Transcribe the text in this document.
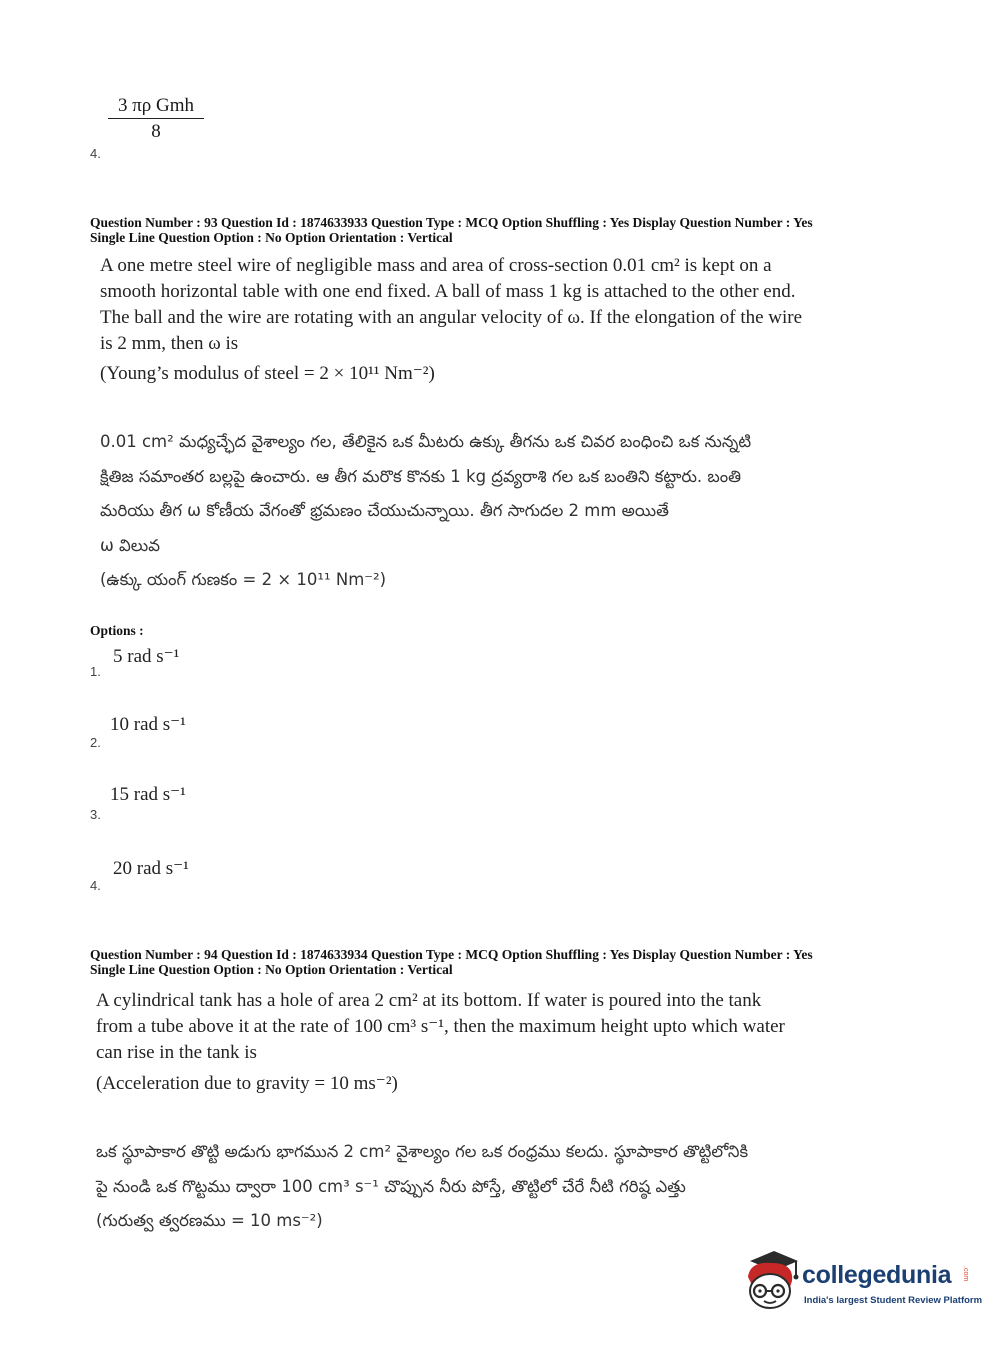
3 πρ Gmh
8
4.
Question Number : 93 Question Id : 1874633933 Question Type : MCQ Option Shuffling : Yes Display Question Number : Yes
Single Line Question Option : No Option Orientation : Vertical

A one metre steel wire of negligible mass and area of cross-section 0.01 cm² is kept on a

smooth horizontal table with one end fixed. A ball of mass 1 kg is attached to the other end.

The ball and the wire are rotating with an angular velocity of ω. If the elongation of the wire

is 2 mm, then ω is

(Young’s modulus of steel = 2 × 10¹¹ Nm⁻²)

0.01 cm² మధ్యచ్ఛేద వైశాల్యం గల, తేలికైన ఒక మీటరు ఉక్కు తీగను ఒక చివర బంధించి ఒక నున్నటి

క్షితిజ సమాంతర బల్లపై ఉంచారు. ఆ తీగ మరొక కొనకు 1 kg ద్రవ్యరాశి గల ఒక బంతిని కట్టారు. బంతి

మరియు తీగ ω కోణీయ వేగంతో భ్రమణం చేయుచున్నాయి. తీగ సాగుదల 2 mm అయితే

ω విలువ

(ఉక్కు యంగ్ గుణకం = 2 × 10¹¹ Nm⁻²)

Options :
5 rad s⁻¹
1.
10 rad s⁻¹
2.
15 rad s⁻¹
3.
20 rad s⁻¹
4.
Question Number : 94 Question Id : 1874633934 Question Type : MCQ Option Shuffling : Yes Display Question Number : Yes
Single Line Question Option : No Option Orientation : Vertical

A cylindrical tank has a hole of area 2 cm² at its bottom. If water is poured into the tank

from a tube above it at the rate of 100 cm³ s⁻¹, then the maximum height upto which water

can rise in the tank is

(Acceleration due to gravity = 10 ms⁻²)

ఒక స్థూపాకార తొట్టి అడుగు భాగమున 2 cm² వైశాల్యం గల ఒక రంధ్రము కలదు. స్థూపాకార తొట్టిలోనికి

పై నుండి ఒక గొట్టము ద్వారా 100 cm³ s⁻¹ చొప్పున నీరు పోస్తే, తొట్టిలో చేరే నీటి గరిష్ఠ ఎత్తు

(గురుత్వ త్వరణము = 10 ms⁻²)

collegedunia .com
India's largest Student Review Platform
